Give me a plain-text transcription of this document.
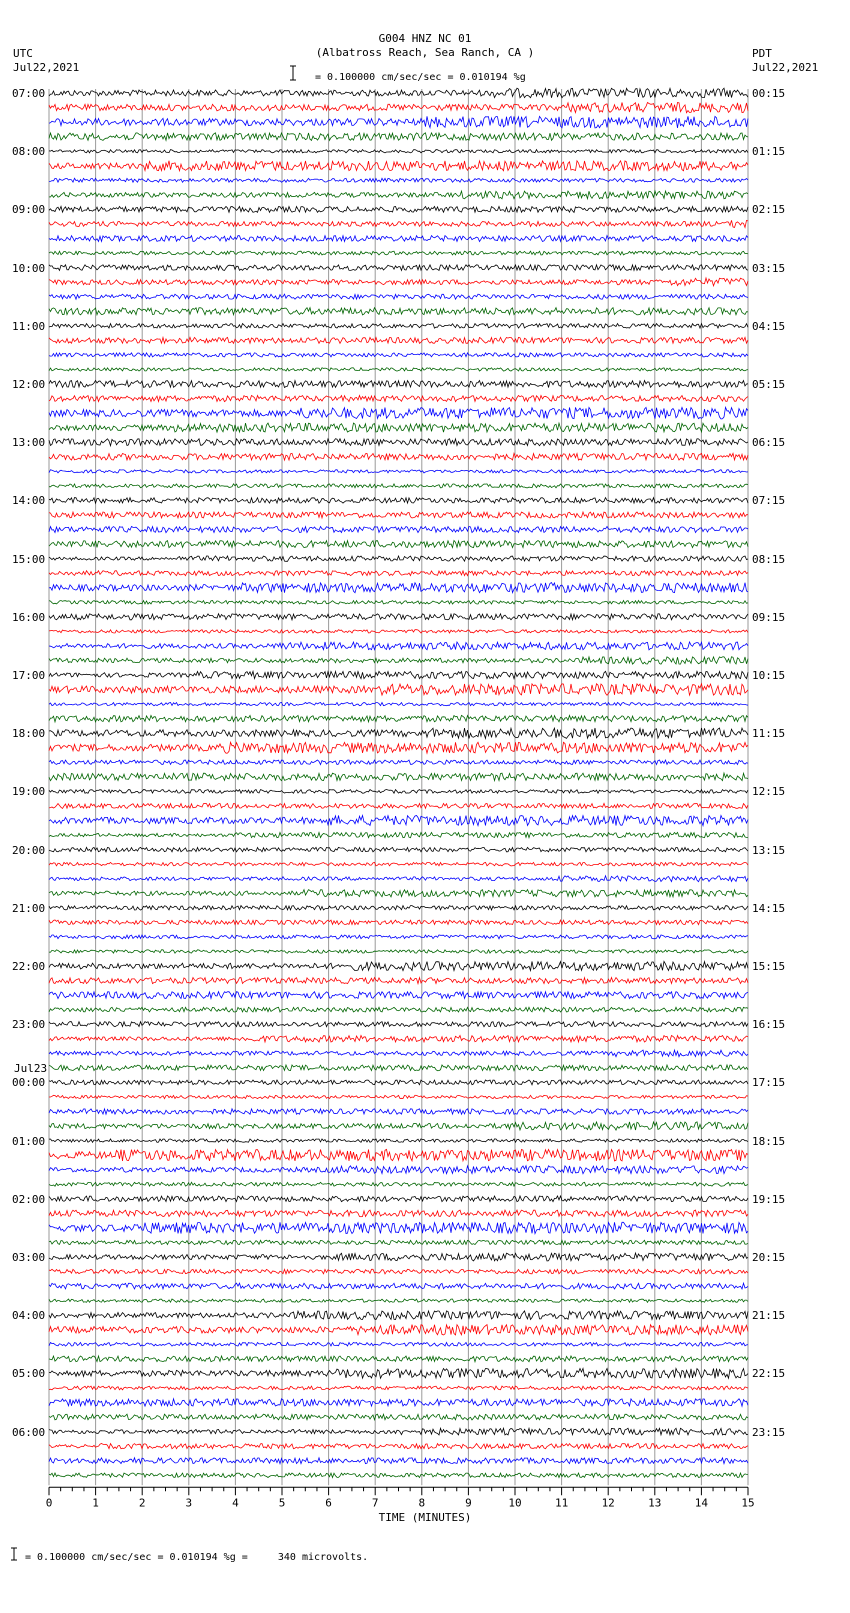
G004 HNZ NC 01
(Albatross Reach, Sea Ranch, CA )
UTC
Jul22,2021
PDT
Jul22,2021
0	1	2	3	4	5	6	7	8	9	10	11	12	13	14	15
= 0.100000 cm/sec/sec = 0.010194 %g
TIME (MINUTES)
= 0.100000 cm/sec/sec = 0.010194 %g =     340 microvolts.
07:00
08:00
09:00
10:00
11:00
12:00
13:00
14:00
15:00
16:00
17:00
18:00
19:00
20:00
21:00
22:00
23:00
00:00
Jul23
01:00
02:00
03:00
04:00
05:00
06:00
00:15
01:15
02:15
03:15
04:15
05:15
06:15
07:15
08:15
09:15
10:15
11:15
12:15
13:15
14:15
15:15
16:15
17:15
18:15
19:15
20:15
21:15
22:15
23:15
